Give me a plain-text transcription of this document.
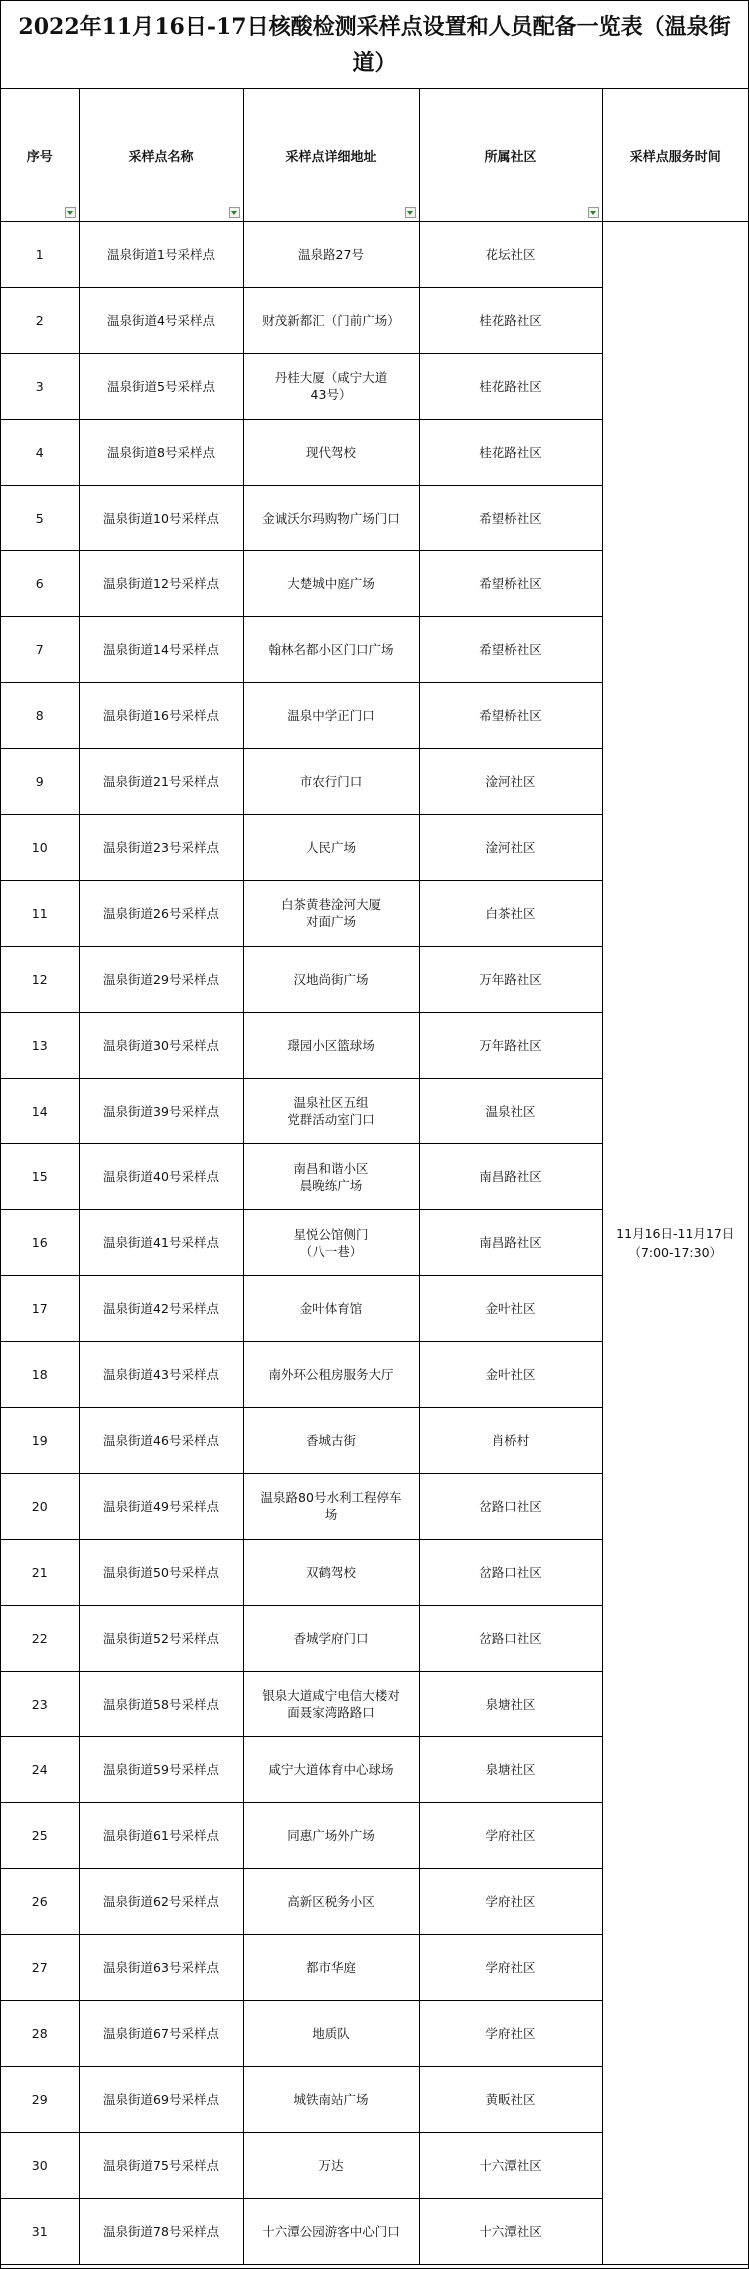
2022年11月16日-17日核酸检测采样点设置和人员配备一览表（温泉街道）
序号	采样点名称	采样点详细地址	所属社区	采样点服务时间
1	温泉街道1号采样点	温泉路27号	花坛社区	11月16日-11月17日
（7:00-17:30）

2	温泉街道4号采样点	财茂新都汇（门前广场）	桂花路社区	
3	温泉街道5号采样点	丹桂大厦（咸宁大道
43号）	桂花路社区	
4	温泉街道8号采样点	现代驾校	桂花路社区	
5	温泉街道10号采样点	金诚沃尔玛购物广场门口	希望桥社区	
6	温泉街道12号采样点	大楚城中庭广场	希望桥社区	
7	温泉街道14号采样点	翰林名都小区门口广场	希望桥社区	
8	温泉街道16号采样点	温泉中学正门口	希望桥社区	
9	温泉街道21号采样点	市农行门口	淦河社区	
10	温泉街道23号采样点	人民广场	淦河社区	
11	温泉街道26号采样点	白茶黄巷淦河大厦
对面广场	白茶社区	
12	温泉街道29号采样点	汉地尚街广场	万年路社区	
13	温泉街道30号采样点	璟园小区篮球场	万年路社区	
14	温泉街道39号采样点	温泉社区五组
党群活动室门口	温泉社区	
15	温泉街道40号采样点	南昌和谐小区
晨晚练广场	南昌路社区	
16	温泉街道41号采样点	星悦公馆侧门
（八一巷）	南昌路社区	
17	温泉街道42号采样点	金叶体育馆	金叶社区	
18	温泉街道43号采样点	南外环公租房服务大厅	金叶社区	
19	温泉街道46号采样点	香城古街	肖桥村	
20	温泉街道49号采样点	温泉路80号水利工程停车
场	岔路口社区	
21	温泉街道50号采样点	双鹤驾校	岔路口社区	
22	温泉街道52号采样点	香城学府门口	岔路口社区	
23	温泉街道58号采样点	银泉大道咸宁电信大楼对
面聂家湾路路口	泉塘社区	
24	温泉街道59号采样点	咸宁大道体育中心球场	泉塘社区	
25	温泉街道61号采样点	同惠广场外广场	学府社区	
26	温泉街道62号采样点	高新区税务小区	学府社区	
27	温泉街道63号采样点	都市华庭	学府社区	
28	温泉街道67号采样点	地质队	学府社区	
29	温泉街道69号采样点	城铁南站广场	黄畈社区	
30	温泉街道75号采样点	万达	十六潭社区	
31	温泉街道78号采样点	十六潭公园游客中心门口	十六潭社区	
